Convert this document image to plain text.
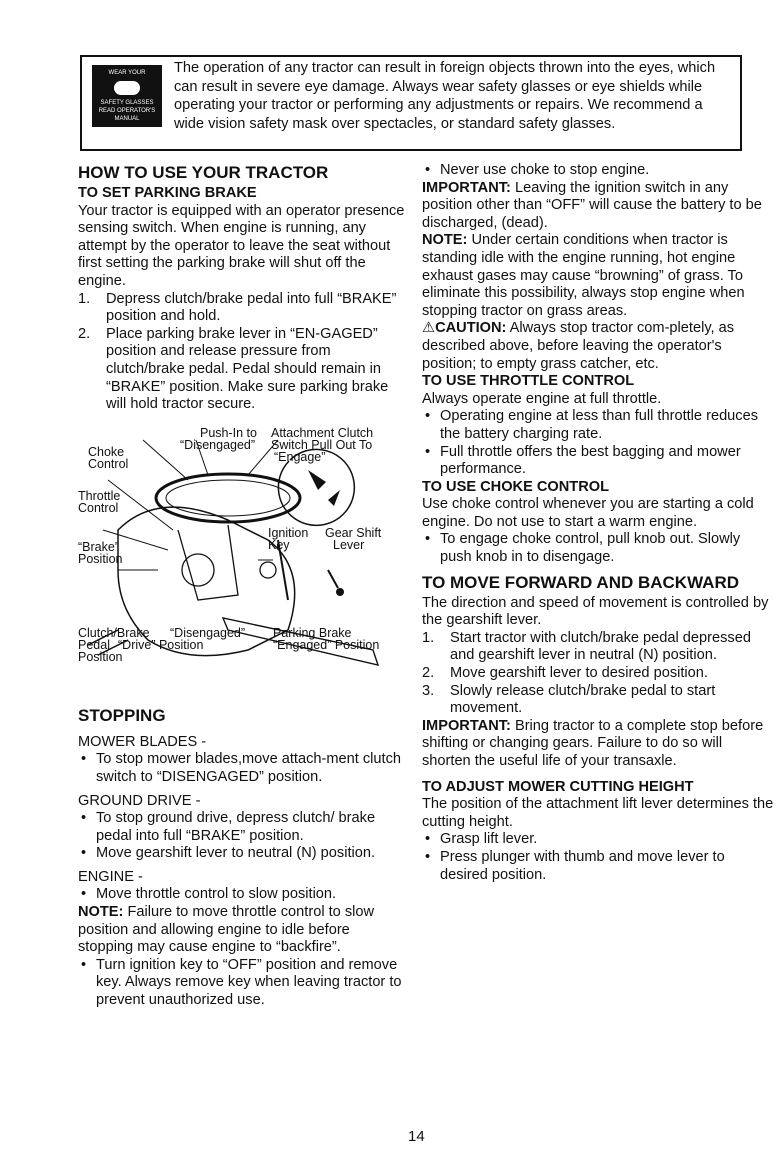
WEAR YOUR
SAFETY GLASSES
READ OPERATOR'S MANUAL
The operation of any tractor can result in foreign objects thrown into the eyes, which can result in severe eye damage. Always wear safety glasses or eye shields while operating your tractor or performing any adjustments or repairs. We recommend a wide vision safety mask over spectacles, or standard safety glasses.
HOW TO USE YOUR TRACTOR
TO SET PARKING BRAKE

Your tractor is equipped with an operator presence sensing switch. When engine is running, any attempt by the operator to leave the seat without first setting the parking brake will shut off the engine.

1. Depress clutch/brake pedal into full “BRAKE” position and hold.
2. Place parking brake lever in “EN-GAGED” position and release pressure from clutch/brake pedal. Pedal should remain in “BRAKE” position. Make sure parking brake will hold tractor secure.
Push-In to
“Disengaged”
Attachment Clutch
Switch Pull Out To
“Engage”
Choke
Control
Throttle
Control
“Brake”
Position
Ignition
Key
Gear Shift
Lever
Clutch/Brake
Pedal
Position
“Disengaged”
“Drive” Position
Parking Brake
“Engaged” Position
STOPPING

MOWER BLADES -

• To stop mower blades,move attach-ment clutch switch to “DISENGAGED” position.

GROUND DRIVE -

• To stop ground drive, depress clutch/ brake pedal into full “BRAKE” position.
• Move gearshift lever to neutral (N) position.

ENGINE -

• Move throttle control to slow position.

NOTE: Failure to move throttle control to slow position and allowing engine to idle before stopping may cause engine to “backfire”.

• Turn ignition key to “OFF” position and remove key. Always remove key when leaving tractor to prevent unauthorized use.
• Never use choke to stop engine.

IMPORTANT: Leaving the ignition switch in any position other than “OFF” will cause the battery to be discharged, (dead).

NOTE: Under certain conditions when tractor is standing idle with the engine running, hot engine exhaust gases may cause “browning” of grass. To eliminate this possibility, always stop engine when stopping tractor on grass areas.

⚠CAUTION: Always stop tractor com-pletely, as described above, before leaving the operator's position; to empty grass catcher, etc.

TO USE THROTTLE CONTROL

Always operate engine at full throttle.

• Operating engine at less than full throttle reduces the battery charging rate.
• Full throttle offers the best bagging and mower performance.
TO USE CHOKE CONTROL

Use choke control whenever you are starting a cold engine. Do not use to start a warm engine.

• To engage choke control, pull knob out. Slowly push knob in to disengage.
TO MOVE FORWARD AND BACKWARD

The direction and speed of movement is controlled by the gearshift lever.

1. Start tractor with clutch/brake pedal depressed and gearshift lever in neutral (N) position.
2. Move gearshift lever to desired position.
3. Slowly release clutch/brake pedal to start movement.

IMPORTANT: Bring tractor to a complete stop before shifting or changing gears. Failure to do so will shorten the useful life of your transaxle.

TO ADJUST MOWER CUTTING HEIGHT

The position of the attachment lift lever determines the cutting height.

• Grasp lift lever.
• Press plunger with thumb and move lever to desired position.
14
